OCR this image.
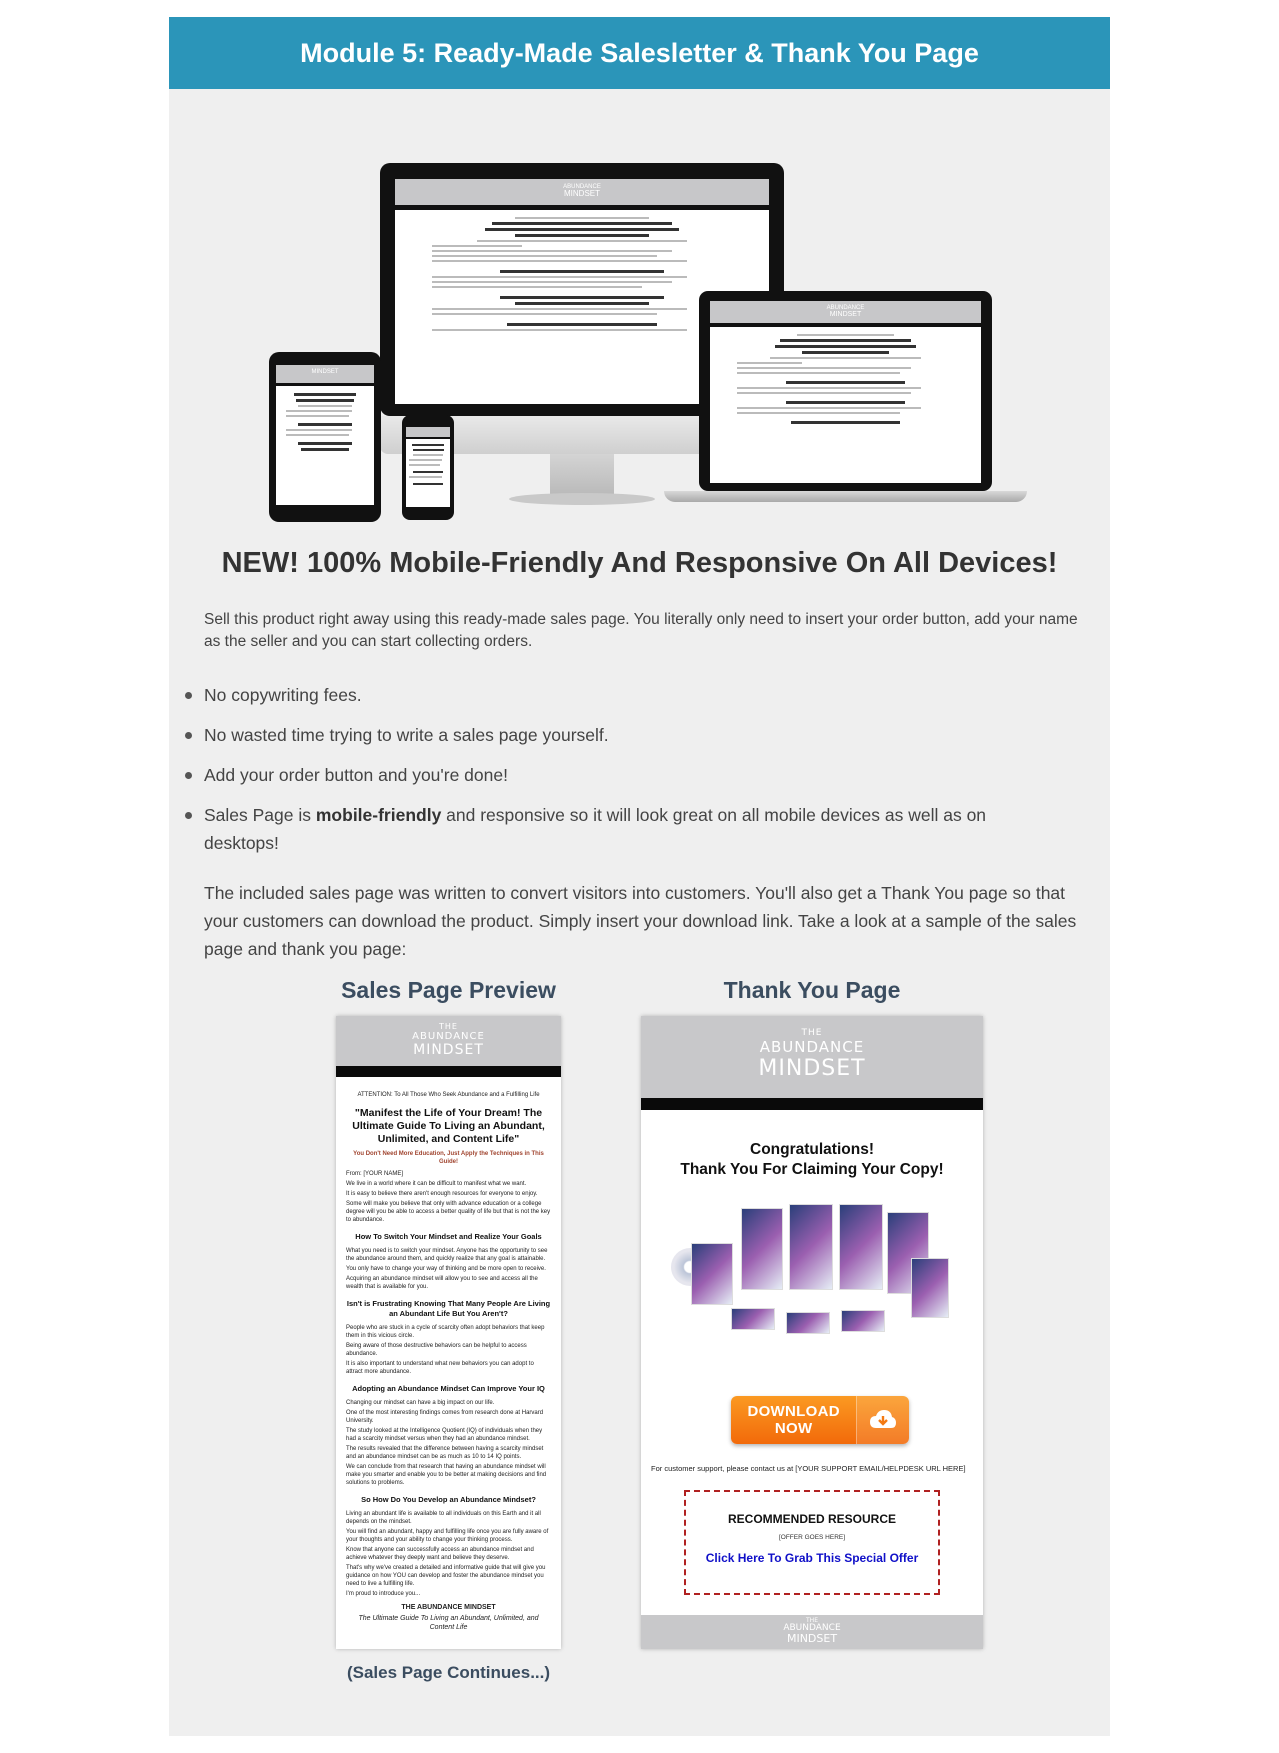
Module 5: Ready-Made Salesletter & Thank You Page
ABUNDANCE
MINDSET
ABUNDANCE
MINDSET
MINDSET
NEW! 100% Mobile-Friendly And Responsive On All Devices!

Sell this product right away using this ready-made sales page. You literally only need to insert your order button, add your name as the seller and you can start collecting orders.

No copywriting fees.
No wasted time trying to write a sales page yourself.
Add your order button and you're done!
Sales Page is mobile-friendly and responsive so it will look great on all mobile devices as well as on desktops!

The included sales page was written to convert visitors into customers. You'll also get a Thank You page so that your customers can download the product. Simply insert your download link. Take a look at a sample of the sales page and thank you page:

Sales Page Preview
THE
ABUNDANCE
MINDSET
ATTENTION: To All Those Who Seek Abundance and a Fulfilling Life
"Manifest the Life of Your Dream! The Ultimate Guide To Living an Abundant, Unlimited, and Content Life"
You Don't Need More Education, Just Apply the Techniques in This Guide!
From: [YOUR NAME]
We live in a world where it can be difficult to manifest what we want.
It is easy to believe there aren't enough resources for everyone to enjoy.
Some will make you believe that only with advance education or a college degree will you be able to access a better quality of life but that is not the key to abundance.
How To Switch Your Mindset and Realize Your Goals
What you need is to switch your mindset. Anyone has the opportunity to see the abundance around them, and quickly realize that any goal is attainable.
You only have to change your way of thinking and be more open to receive.
Acquiring an abundance mindset will allow you to see and access all the wealth that is available for you.
Isn't is Frustrating Knowing That Many People Are Living an Abundant Life But You Aren't?
People who are stuck in a cycle of scarcity often adopt behaviors that keep them in this vicious circle.
Being aware of those destructive behaviors can be helpful to access abundance.
It is also important to understand what new behaviors you can adopt to attract more abundance.
Adopting an Abundance Mindset Can Improve Your IQ
Changing our mindset can have a big impact on our life.
One of the most interesting findings comes from research done at Harvard University.
The study looked at the Intelligence Quotient (IQ) of individuals when they had a scarcity mindset versus when they had an abundance mindset.
The results revealed that the difference between having a scarcity mindset and an abundance mindset can be as much as 10 to 14 IQ points.
We can conclude from that research that having an abundance mindset will make you smarter and enable you to be better at making decisions and find solutions to problems.
So How Do You Develop an Abundance Mindset?
Living an abundant life is available to all individuals on this Earth and it all depends on the mindset.
You will find an abundant, happy and fulfilling life once you are fully aware of your thoughts and your ability to change your thinking process.
Know that anyone can successfully access an abundance mindset and achieve whatever they deeply want and believe they deserve.
That's why we've created a detailed and informative guide that will give you guidance on how YOU can develop and foster the abundance mindset you need to live a fulfilling life.
I'm proud to introduce you...
THE ABUNDANCE MINDSET
The Ultimate Guide To Living an Abundant, Unlimited, and Content Life
(Sales Page Continues...)
Thank You Page
THE
ABUNDANCE
MINDSET
Congratulations!
Thank You For Claiming Your Copy!
DOWNLOAD NOW
For customer support, please contact us at [YOUR SUPPORT EMAIL/HELPDESK URL HERE]
RECOMMENDED RESOURCE
[OFFER GOES HERE]
Click Here To Grab This Special Offer
THE
ABUNDANCE
MINDSET
